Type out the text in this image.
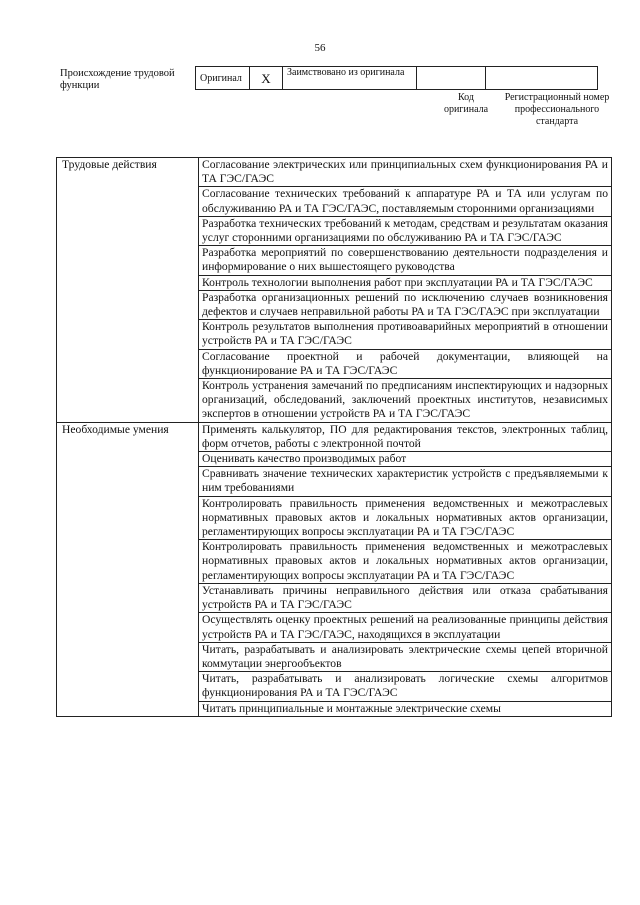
56
Происхождение трудовой функции
Оригинал	X	Заимствовано из оригинала		
Код оригинала
Регистрационный номер профессионального стандарта
Трудовые действия	Согласование электрических или принципиальных схем функционирования РА и ТА ГЭС/ГАЭС
	Согласование технических требований к аппаратуре РА и ТА или услугам по обслуживанию РА и ТА ГЭС/ГАЭС, поставляемым сторонними организациями
	Разработка технических требований к методам, средствам и результатам оказания услуг сторонними организациями по обслуживанию РА и ТА ГЭС/ГАЭС
	Разработка мероприятий по совершенствованию деятельности подразделения и информирование о них вышестоящего руководства
	Контроль технологии выполнения работ при эксплуатации РА и ТА ГЭС/ГАЭС
	Разработка организационных решений по исключению случаев возникновения дефектов и случаев неправильной работы РА и ТА ГЭС/ГАЭС при эксплуатации
	Контроль результатов выполнения противоаварийных мероприятий в отношении устройств РА и ТА ГЭС/ГАЭС
	Согласование проектной и рабочей документации, влияющей на функционирование РА и ТА ГЭС/ГАЭС
	Контроль устранения замечаний по предписаниям инспектирующих и надзорных организаций, обследований, заключений проектных институтов, независимых экспертов в отношении устройств РА и ТА ГЭС/ГАЭС
Необходимые умения	Применять калькулятор, ПО для редактирования текстов, электронных таблиц, форм отчетов, работы с электронной почтой
	Оценивать качество производимых работ
	Сравнивать значение технических характеристик устройств с предъявляемыми к ним требованиями
	Контролировать правильность применения ведомственных и межотраслевых нормативных правовых актов и локальных нормативных актов организации, регламентирующих вопросы эксплуатации РА и ТА ГЭС/ГАЭС
	Контролировать правильность применения ведомственных и межотраслевых нормативных правовых актов и локальных нормативных актов организации, регламентирующих вопросы эксплуатации РА и ТА ГЭС/ГАЭС
	Устанавливать причины неправильного действия или отказа срабатывания устройств РА и ТА ГЭС/ГАЭС
	Осуществлять оценку проектных решений на реализованные принципы действия устройств РА и ТА ГЭС/ГАЭС, находящихся в эксплуатации
	Читать, разрабатывать и анализировать электрические схемы цепей вторичной коммутации энергообъектов
	Читать, разрабатывать и анализировать логические схемы алгоритмов функционирования РА и ТА ГЭС/ГАЭС
	Читать принципиальные и монтажные электрические схемы
